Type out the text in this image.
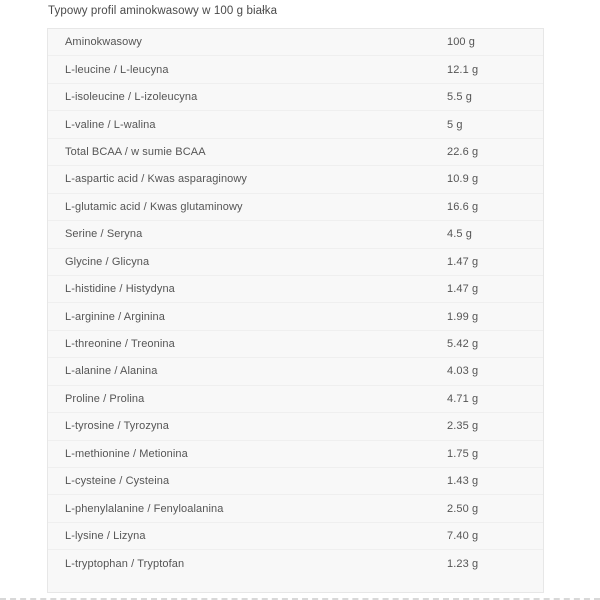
Typowy profil aminokwasowy w 100 g białka
Aminokwasowy	100 g
L-leucine / L-leucyna	12.1 g
L-isoleucine / L-izoleucyna	5.5 g
L-valine / L-walina	5 g
Total BCAA / w sumie BCAA	22.6 g
L-aspartic acid / Kwas asparaginowy	10.9 g
L-glutamic acid / Kwas glutaminowy	16.6 g
Serine / Seryna	4.5 g
Glycine / Glicyna	1.47 g
L-histidine / Histydyna	1.47 g
L-arginine / Arginina	1.99 g
L-threonine / Treonina	5.42 g
L-alanine / Alanina	4.03 g
Proline / Prolina	4.71 g
L-tyrosine / Tyrozyna	2.35 g
L-methionine / Metionina	1.75 g
L-cysteine / Cysteina	1.43 g
L-phenylalanine / Fenyloalanina	2.50 g
L-lysine / Lizyna	7.40 g
L-tryptophan / Tryptofan	1.23 g
